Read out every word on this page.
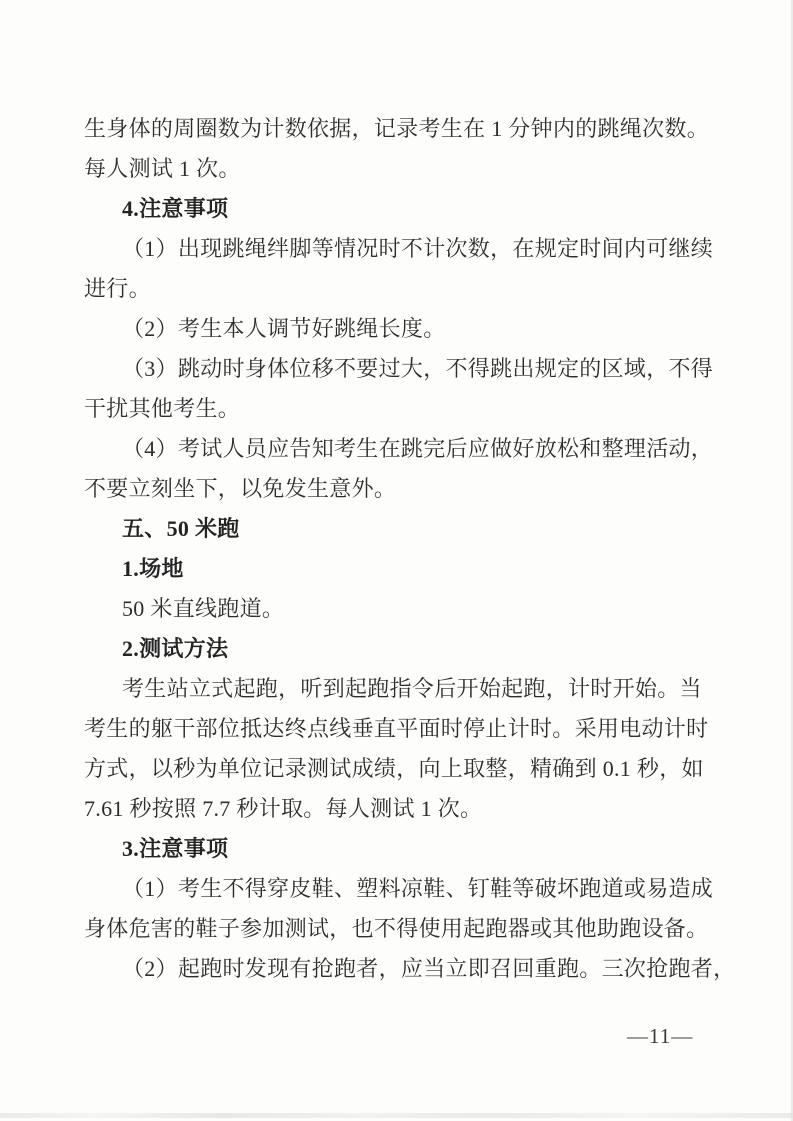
生身体的周圈数为计数依据，记录考生在 1 分钟内的跳绳次数。
每人测试 1 次。
4.注意事项
（1）出现跳绳绊脚等情况时不计次数，在规定时间内可继续
进行。
（2）考生本人调节好跳绳长度。
（3）跳动时身体位移不要过大，不得跳出规定的区域，不得
干扰其他考生。
（4）考试人员应告知考生在跳完后应做好放松和整理活动，
不要立刻坐下，以免发生意外。
五、50 米跑
1.场地
50 米直线跑道。
2.测试方法
考生站立式起跑，听到起跑指令后开始起跑，计时开始。当
考生的躯干部位抵达终点线垂直平面时停止计时。采用电动计时
方式，以秒为单位记录测试成绩，向上取整，精确到 0.1 秒，如
7.61 秒按照 7.7 秒计取。每人测试 1 次。
3.注意事项
（1）考生不得穿皮鞋、塑料凉鞋、钉鞋等破坏跑道或易造成
身体危害的鞋子参加测试，也不得使用起跑器或其他助跑设备。
（2）起跑时发现有抢跑者，应当立即召回重跑。三次抢跑者，
—11—
